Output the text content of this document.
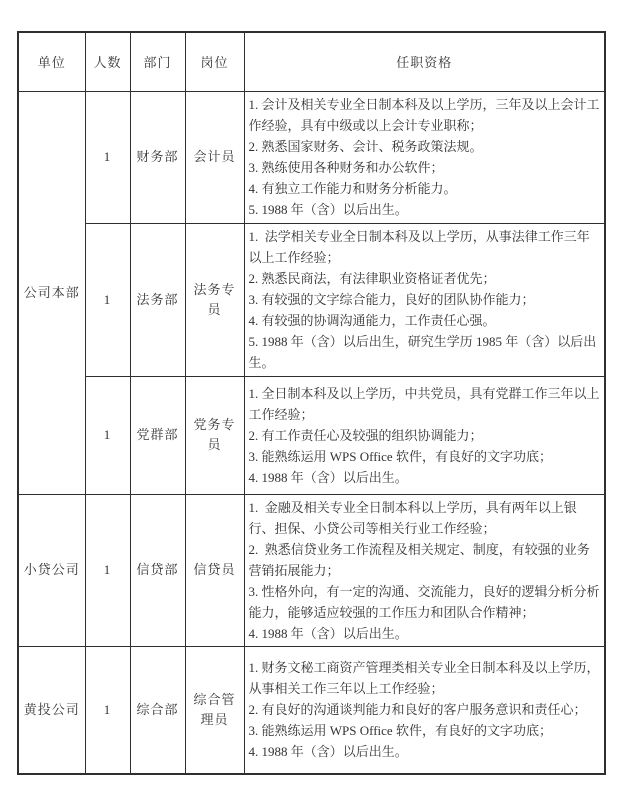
单位	人数	部门	岗位	任职资格
公司本部	1	财务部	会计员	1. 会计及相关专业全日制本科及以上学历，三年及以上会计工作经验，具有中级或以上会计专业职称；
2. 熟悉国家财务、会计、税务政策法规。
3. 熟练使用各种财务和办公软件；
4. 有独立工作能力和财务分析能力。
5. 1988 年（含）以后出生。

	1	法务部	法务专员	1.  法学相关专业全日制本科及以上学历，从事法律工作三年以上工作经验；
2. 熟悉民商法，有法律职业资格证者优先；
3. 有较强的文字综合能力，良好的团队协作能力；
4. 有较强的协调沟通能力，工作责任心强。
5. 1988 年（含）以后出生，研究生学历 1985 年（含）以后出生。

	1	党群部	党务专员	1. 全日制本科及以上学历，中共党员，具有党群工作三年以上工作经验；
2. 有工作责任心及较强的组织协调能力；
3. 能熟练运用 WPS Office 软件，有良好的文字功底；
4. 1988 年（含）以后出生。

小贷公司	1	信贷部	信贷员	1.  金融及相关专业全日制本科以上学历，具有两年以上银行、担保、小贷公司等相关行业工作经验；
2.  熟悉信贷业务工作流程及相关规定、制度，有较强的业务营销拓展能力；
3. 性格外向，有一定的沟通、交流能力，良好的逻辑分析分析能力，能够适应较强的工作压力和团队合作精神；
4. 1988 年（含）以后出生。

黄投公司	1	综合部	综合管理员	1. 财务文秘工商资产管理类相关专业全日制本科及以上学历，从事相关工作三年以上工作经验；
2. 有良好的沟通谈判能力和良好的客户服务意识和责任心；
3. 能熟练运用 WPS Office 软件，有良好的文字功底；
4. 1988 年（含）以后出生。
